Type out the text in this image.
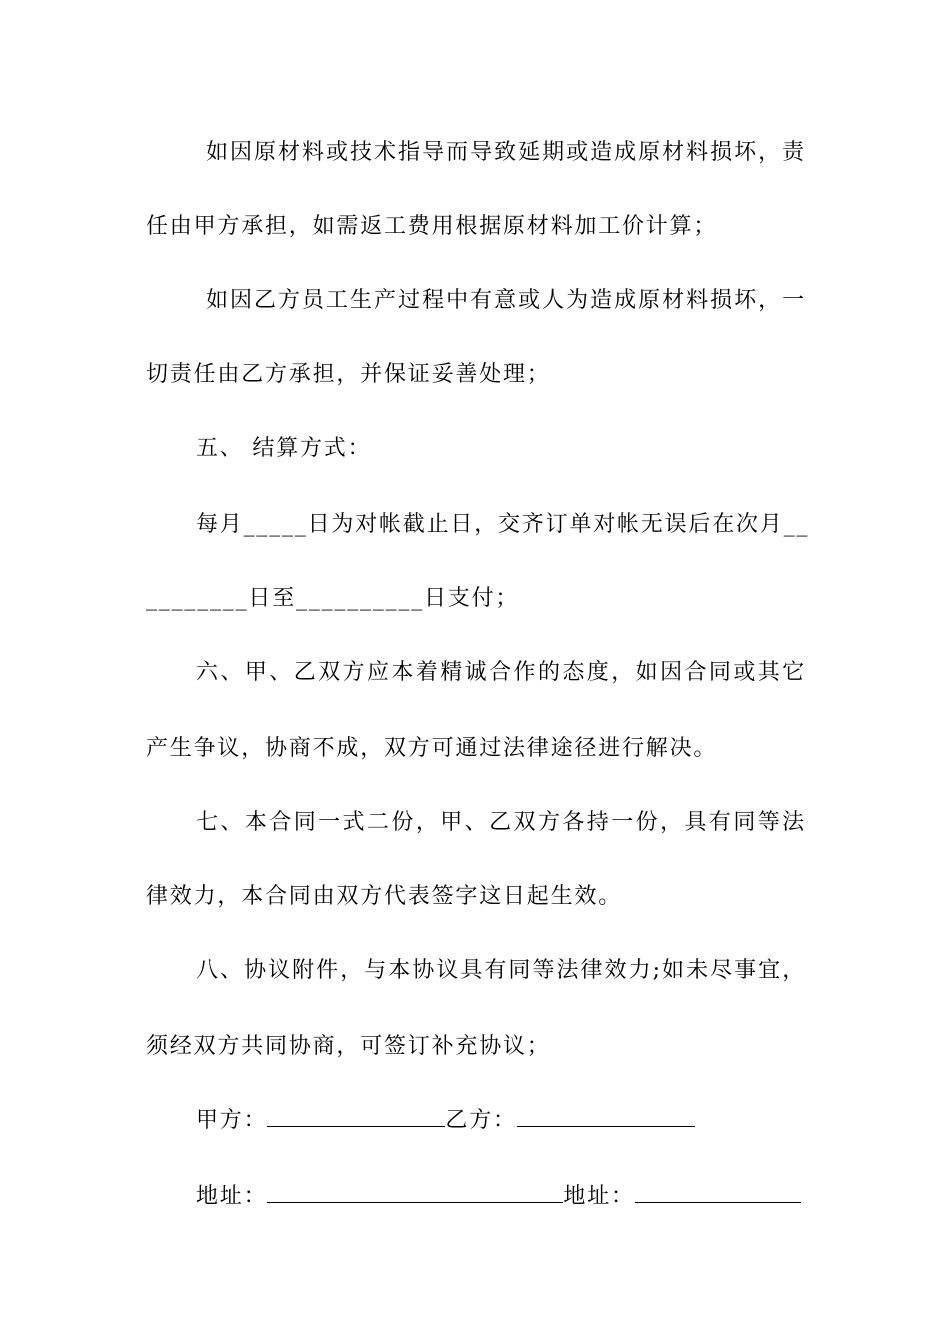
如因原材料或技术指导而导致延期或造成原材料损坏，责
任由甲方承担，如需返工费用根据原材料加工价计算；
如因乙方员工生产过程中有意或人为造成原材料损坏，一
切责任由乙方承担，并保证妥善处理；
五、 结算方式：
每月_____日为对帐截止日，交齐订单对帐无误后在次月__
________日至__________日支付；
六、甲、乙双方应本着精诚合作的态度，如因合同或其它
产生争议，协商不成，双方可通过法律途径进行解决。
七、本合同一式二份，甲、乙双方各持一份，具有同等法
律效力，本合同由双方代表签字这日起生效。
八、协议附件，与本协议具有同等法律效力;如未尽事宜，
须经双方共同协商，可签订补充协议；
甲方：	乙方：
地址：	地址：
